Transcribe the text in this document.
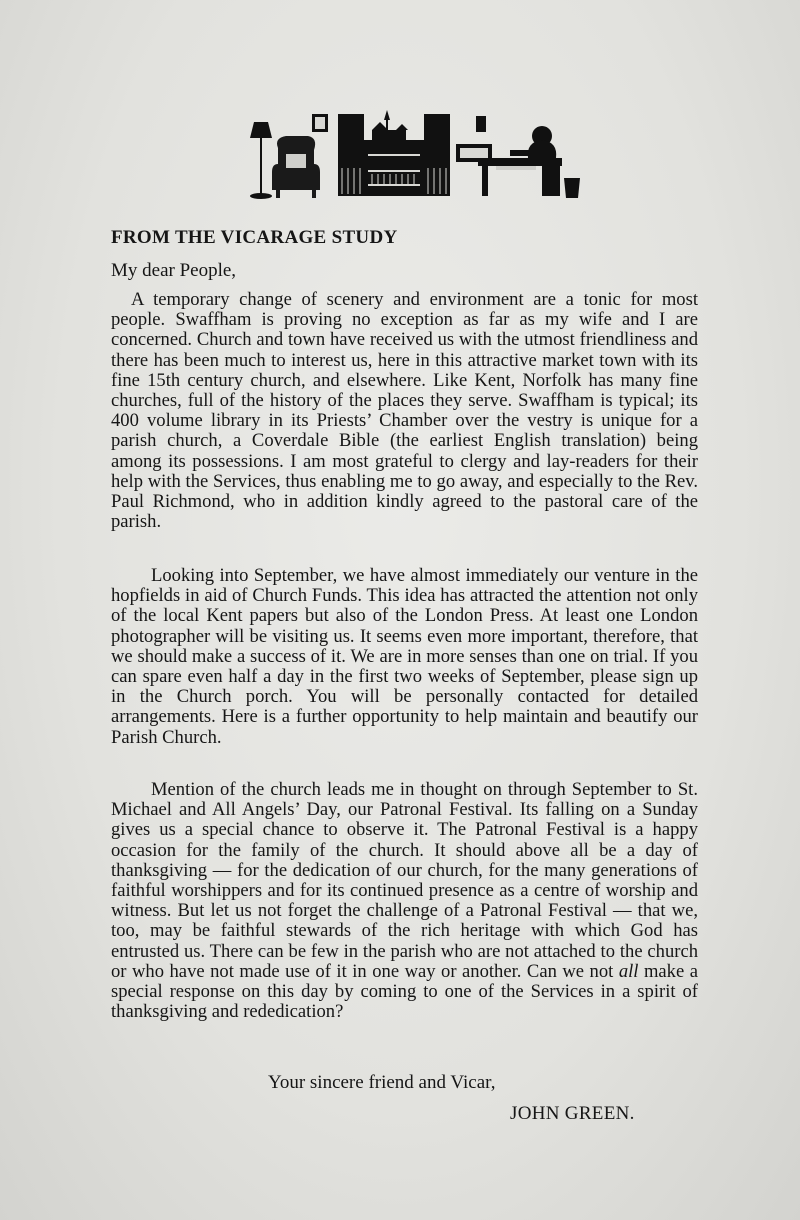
FROM THE VICARAGE STUDY
My dear People,

A temporary change of scenery and environment are a tonic for most people. Swaffham is proving no exception as far as my wife and I are concerned. Church and town have received us with the utmost friendliness and there has been much to interest us, here in this attractive market town with its fine 15th century church, and elsewhere. Like Kent, Norfolk has many fine churches, full of the history of the places they serve. Swaffham is typical; its 400 volume library in its Priests’ Chamber over the vestry is unique for a parish church, a Coverdale Bible (the earliest English translation) being among its possessions. I am most grateful to clergy and lay-readers for their help with the Services, thus enabling me to go away, and especially to the Rev. Paul Richmond, who in addition kindly agreed to the pastoral care of the parish.

Looking into September, we have almost immediately our venture in the hopfields in aid of Church Funds. This idea has attracted the attention not only of the local Kent papers but also of the London Press. At least one London photographer will be visiting us. It seems even more important, therefore, that we should make a success of it. We are in more senses than one on trial. If you can spare even half a day in the first two weeks of September, please sign up in the Church porch. You will be personally contacted for detailed arrangements. Here is a further opportunity to help maintain and beautify our Parish Church.

Mention of the church leads me in thought on through September to St. Michael and All Angels’ Day, our Patronal Festival. Its falling on a Sunday gives us a special chance to observe it. The Patronal Festival is a happy occasion for the family of the church. It should above all be a day of thanksgiving — for the dedication of our church, for the many generations of faithful worshippers and for its continued presence as a centre of worship and witness. But let us not forget the challenge of a Patronal Festival — that we, too, may be faithful stewards of the rich heritage with which God has entrusted us. There can be few in the parish who are not attached to the church or who have not made use of it in one way or another. Can we not all make a special response on this day by coming to one of the Services in a spirit of thanksgiving and rededication?

Your sincere friend and Vicar,
JOHN GREEN.
